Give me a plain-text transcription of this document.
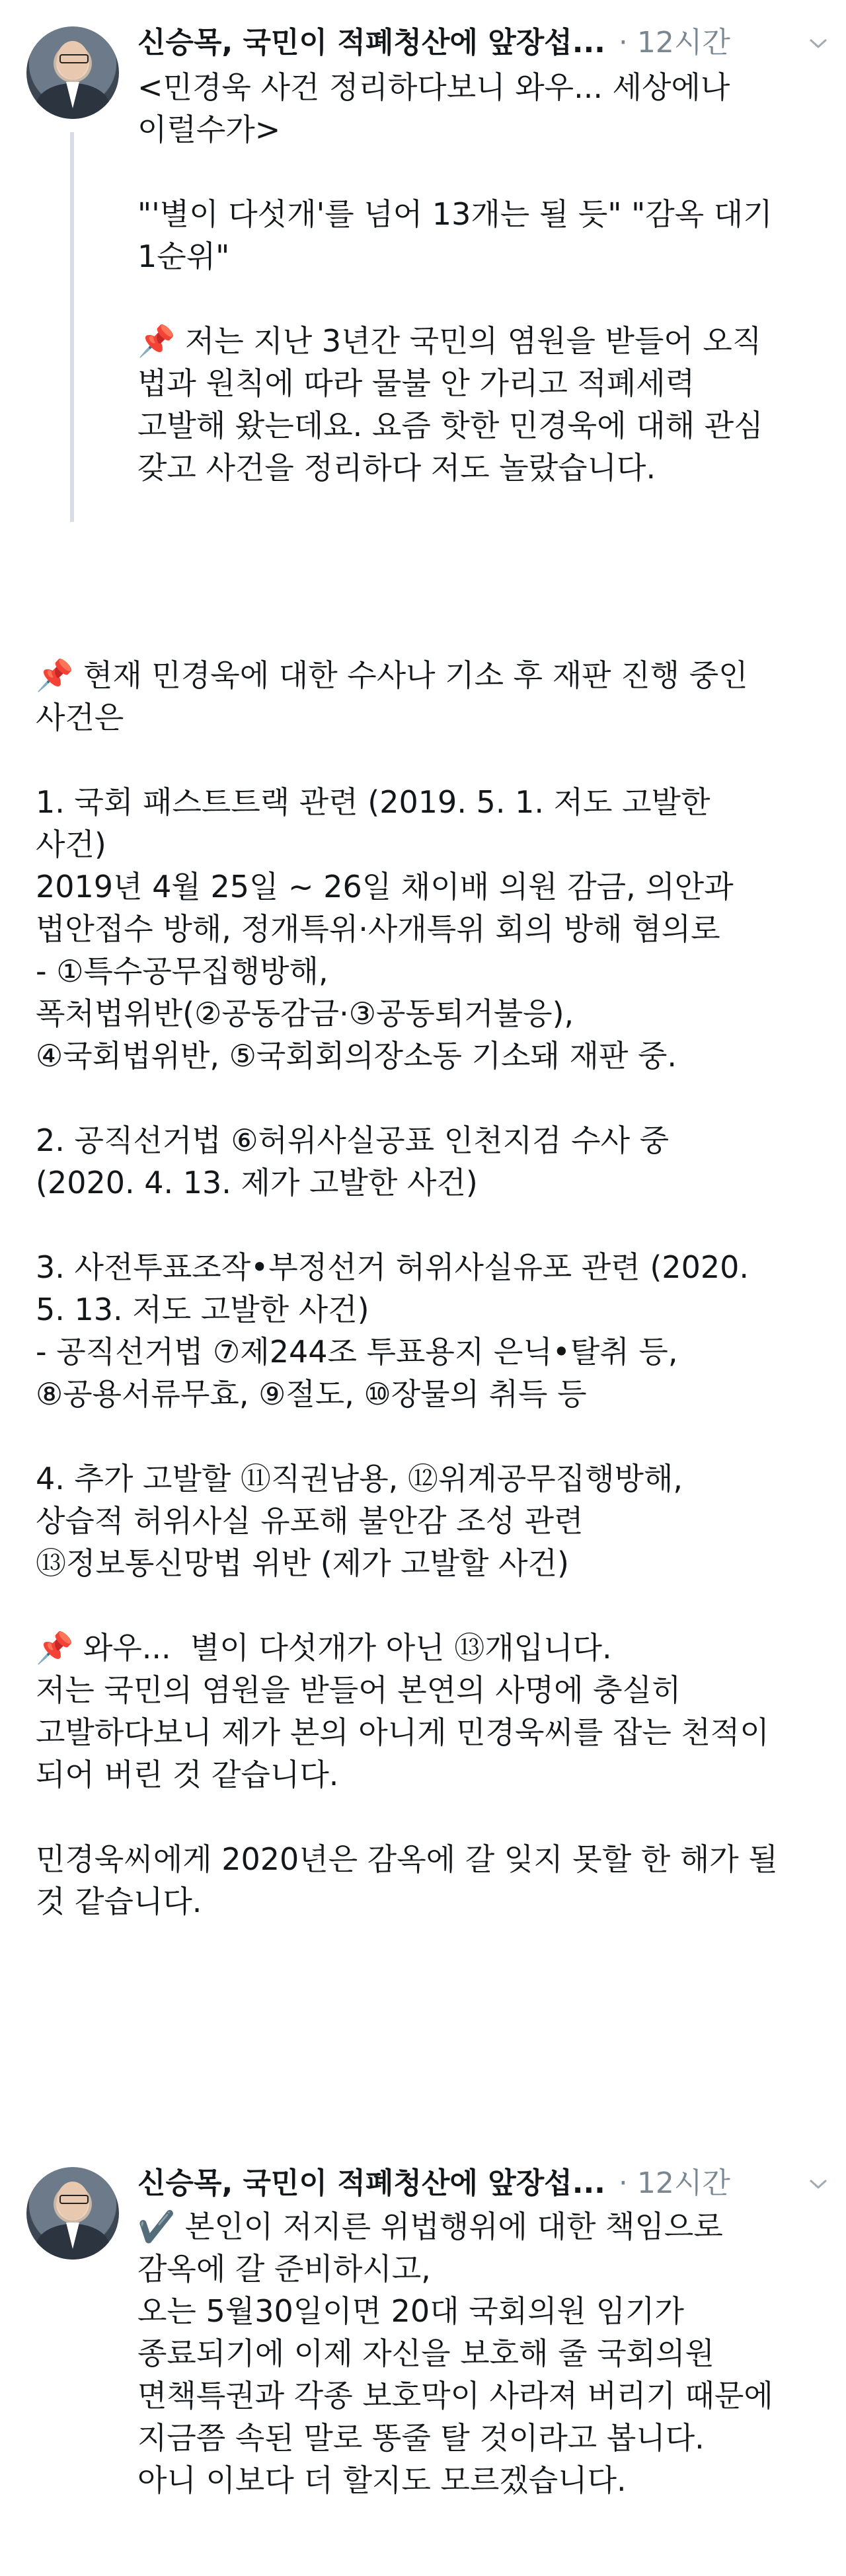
신승목, 국민이 적폐청산에 앞장섭... · 12시간
<민경욱 사건 정리하다보니 와우... 세상에나
이럴수가>

"'별이 다섯개'를 넘어 13개는 될 듯" "감옥 대기
1순위"

📌 저는 지난 3년간 국민의 염원을 받들어 오직
법과 원칙에 따라 물불 안 가리고 적폐세력
고발해 왔는데요. 요즘 핫한 민경욱에 대해 관심
갖고 사건을 정리하다 저도 놀랐습니다.
📌 현재 민경욱에 대한 수사나 기소 후 재판 진행 중인
사건은

1. 국회 패스트트랙 관련 (2019. 5. 1. 저도 고발한
사건)
2019년 4월 25일 ~ 26일 채이배 의원 감금, 의안과
법안접수 방해, 정개특위·사개특위 회의 방해 혐의로
- ①특수공무집행방해,
폭처법위반(②공동감금·③공동퇴거불응),
④국회법위반, ⑤국회회의장소동 기소돼 재판 중.

2. 공직선거법 ⑥허위사실공표 인천지검 수사 중
(2020. 4. 13. 제가 고발한 사건)

3. 사전투표조작•부정선거 허위사실유포 관련 (2020.
5. 13. 저도 고발한 사건)
- 공직선거법 ⑦제244조 투표용지 은닉•탈취 등,
⑧공용서류무효, ⑨절도, ⑩장물의 취득 등

4. 추가 고발할 ⑪직권남용, ⑫위계공무집행방해,
상습적 허위사실 유포해 불안감 조성 관련
⑬정보통신망법 위반 (제가 고발할 사건)

📌 와우...  별이 다섯개가 아닌 ⑬개입니다.
저는 국민의 염원을 받들어 본연의 사명에 충실히
고발하다보니 제가 본의 아니게 민경욱씨를 잡는 천적이
되어 버린 것 같습니다.

민경욱씨에게 2020년은 감옥에 갈 잊지 못할 한 해가 될
것 같습니다.
신승목, 국민이 적폐청산에 앞장섭... · 12시간
✔️ 본인이 저지른 위법행위에 대한 책임으로
감옥에 갈 준비하시고,
오는 5월30일이면 20대 국회의원 임기가
종료되기에 이제 자신을 보호해 줄 국회의원
면책특권과 각종 보호막이 사라져 버리기 때문에
지금쯤 속된 말로 똥줄 탈 것이라고 봅니다.
아니 이보다 더 할지도 모르겠습니다.
